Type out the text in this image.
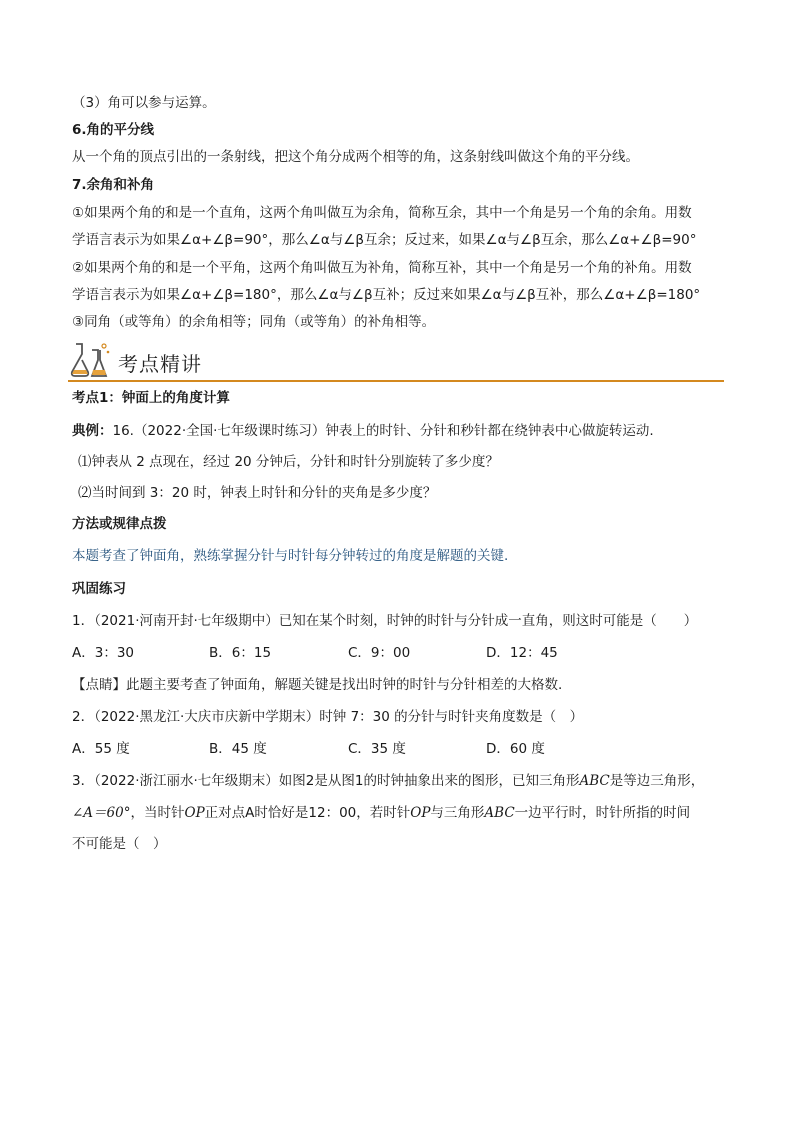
（3）角可以参与运算。
6.角的平分线
从一个角的顶点引出的一条射线，把这个角分成两个相等的角，这条射线叫做这个角的平分线。
7.余角和补角
①如果两个角的和是一个直角，这两个角叫做互为余角，简称互余，其中一个角是另一个角的余角。用数
学语言表示为如果∠α+∠β=90°，那么∠α与∠β互余；反过来，如果∠α与∠β互余，那么∠α+∠β=90°
②如果两个角的和是一个平角，这两个角叫做互为补角，简称互补，其中一个角是另一个角的补角。用数
学语言表示为如果∠α+∠β=180°，那么∠α与∠β互补；反过来如果∠α与∠β互补，那么∠α+∠β=180°
③同角（或等角）的余角相等；同角（或等角）的补角相等。
考点精讲
考点1：钟面上的角度计算
典例：16.（2022·全国·七年级课时练习）钟表上的时针、分针和秒针都在绕钟表中心做旋转运动.
⑴钟表从 2 点现在，经过 20 分钟后，分针和时针分别旋转了多少度？
⑵当时间到 3：20 时，钟表上时针和分针的夹角是多少度？
方法或规律点拨
本题考查了钟面角，熟练掌握分针与时针每分钟转过的角度是解题的关键.
巩固练习
1．（2021·河南开封·七年级期中）已知在某个时刻，时钟的时针与分针成一直角，则这时可能是（　　）
A．3：30	B．6：15	C．9：00	D．12：45
【点睛】此题主要考查了钟面角，解题关键是找出时钟的时针与分针相差的大格数.
2．（2022·黑龙江·大庆市庆新中学期末）时钟 7：30 的分针与时针夹角度数是（　）
A．55 度	B．45 度	C．35 度	D．60 度
3．（2022·浙江丽水·七年级期末）如图2是从图1的时钟抽象出来的图形，已知三角形ABC是等边三角形，
∠A＝60°，当时针OP正对点A时恰好是12：00，若时针OP与三角形ABC一边平行时，时针所指的时间
不可能是（　）
